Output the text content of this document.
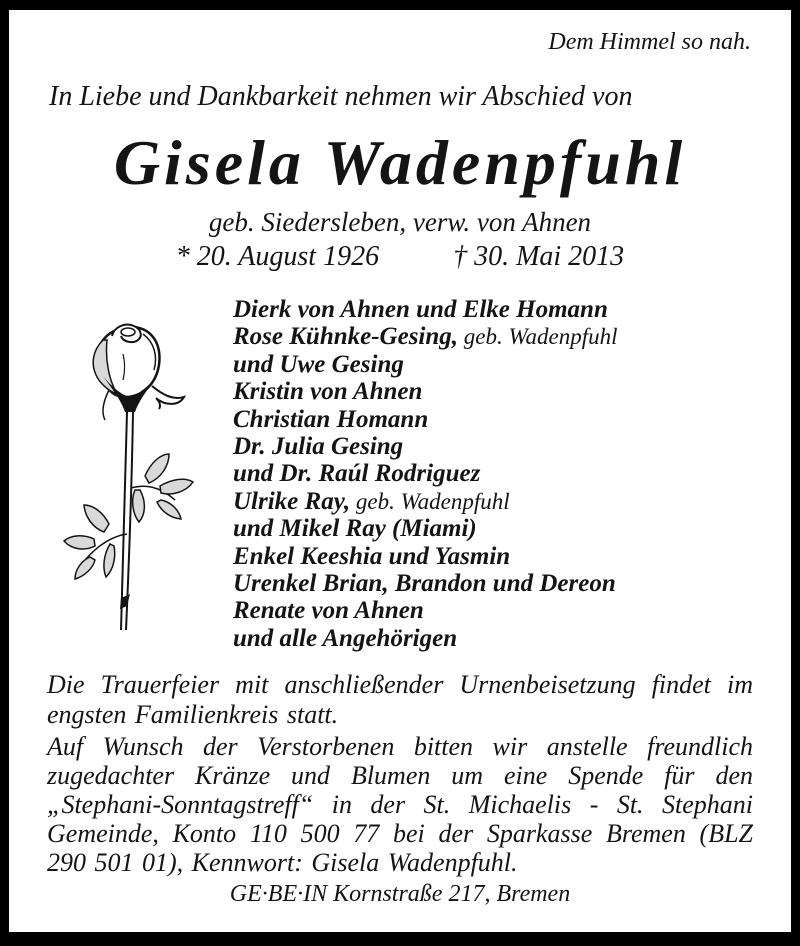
Dem Himmel so nah.
In Liebe und Dankbarkeit nehmen wir Abschied von
Gisela Wadenpfuhl
geb. Siedersleben, verw. von Ahnen
* 20. August 1926	† 30. Mai 2013
Dierk von Ahnen und Elke Homann
Rose Kühnke-Gesing, geb. Wadenpfuhl
und Uwe Gesing
Kristin von Ahnen
Christian Homann
Dr. Julia Gesing
und Dr. Raúl Rodriguez
Ulrike Ray, geb. Wadenpfuhl
und Mikel Ray (Miami)
Enkel Keeshia und Yasmin
Urenkel Brian, Brandon und Dereon
Renate von Ahnen
und alle Angehörigen

Die Trauerfeier mit anschließender Urnenbeisetzung findet im engsten Familienkreis statt.

Auf Wunsch der Verstorbenen bitten wir anstelle freundlich zugedachter Kränze und Blumen um eine Spende für den „Stephani-Sonntagstreff“ in der St. Michaelis - St. Stephani Gemeinde, Konto 110 500 77 bei der Sparkasse Bremen (BLZ 290 501 01), Kennwort: Gisela Wadenpfuhl.

GE·BE·IN Kornstraße 217, Bremen
